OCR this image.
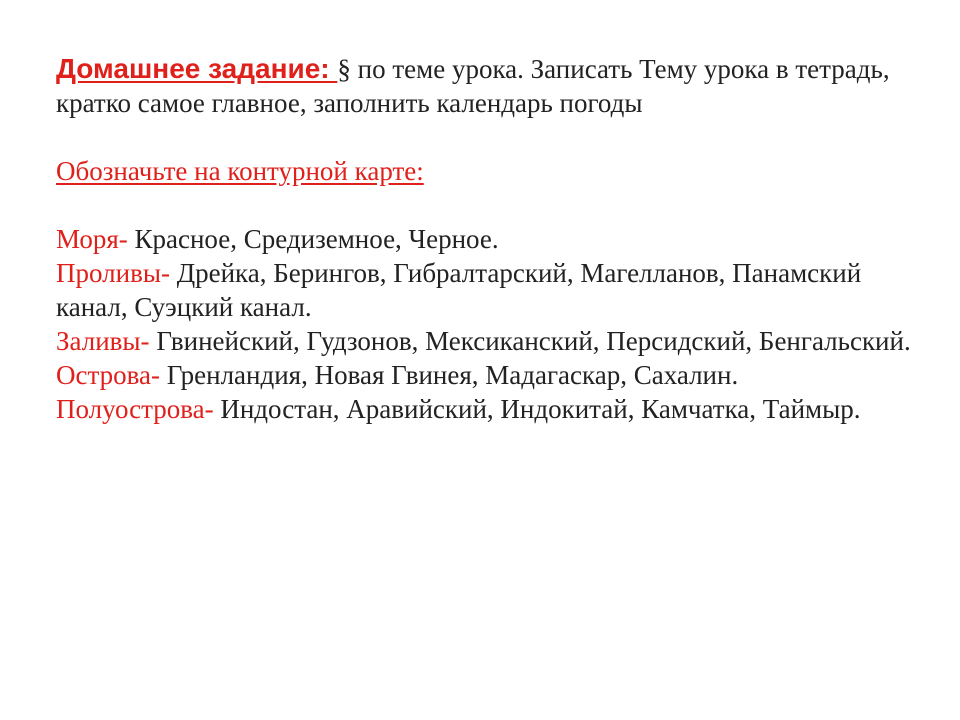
Домашнее задание: § по теме урока. Записать Тему урока в тетрадь, кратко самое главное, заполнить календарь погоды

Обозначьте на контурной карте:

Моря- Красное, Средиземное, Черное.

Проливы- Дрейка, Берингов, Гибралтарский, Магелланов, Панамский канал, Суэцкий канал.

Заливы- Гвинейский, Гудзонов, Мексиканский, Персидский, Бенгальский.

Острова- Гренландия, Новая Гвинея, Мадагаскар, Сахалин.

Полуострова- Индостан, Аравийский, Индокитай, Камчатка, Таймыр.
